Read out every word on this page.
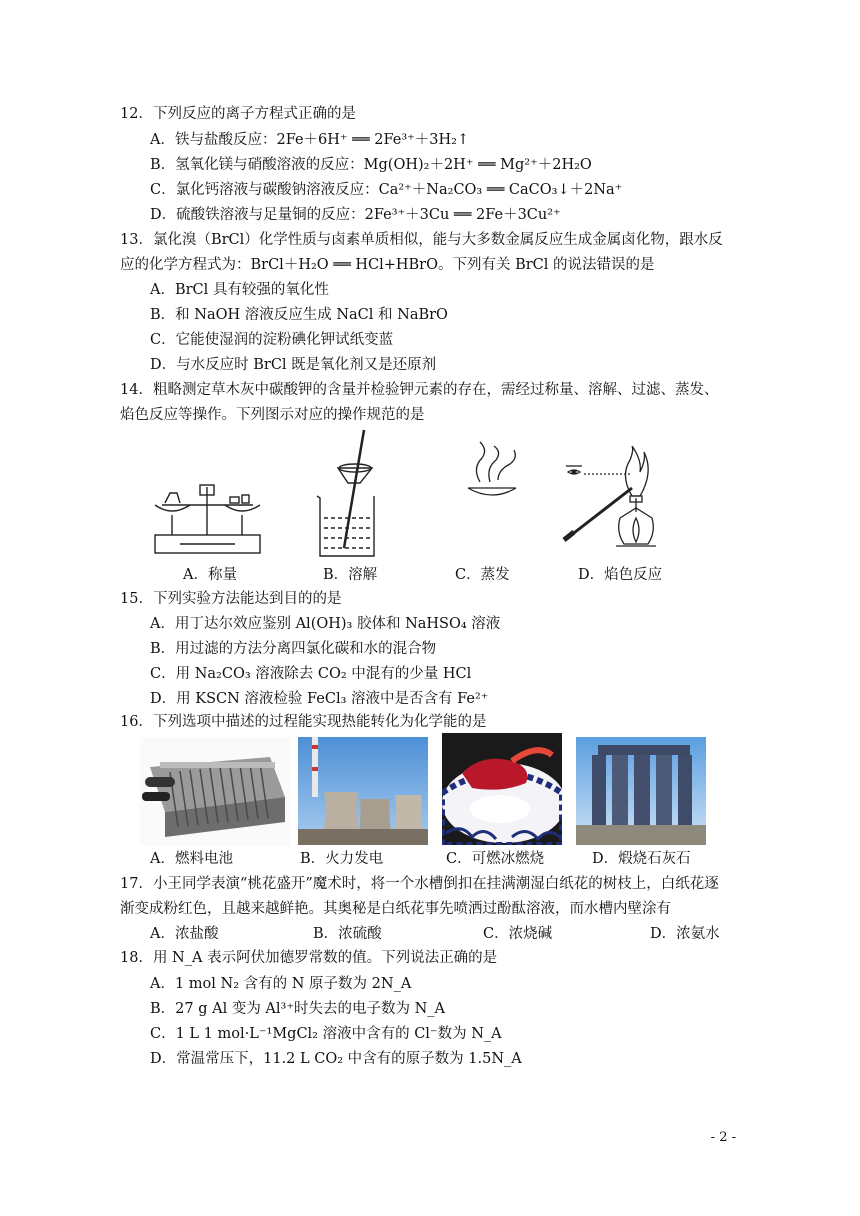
12．下列反应的离子方程式正确的是
A．铁与盐酸反应：2Fe＋6H⁺ ══ 2Fe³⁺＋3H₂↑
B．氢氧化镁与硝酸溶液的反应：Mg(OH)₂＋2H⁺ ══ Mg²⁺＋2H₂O
C．氯化钙溶液与碳酸钠溶液反应：Ca²⁺＋Na₂CO₃ ══ CaCO₃↓＋2Na⁺
D．硫酸铁溶液与足量铜的反应：2Fe³⁺＋3Cu ══ 2Fe＋3Cu²⁺
13．氯化溴（BrCl）化学性质与卤素单质相似，能与大多数金属反应生成金属卤化物，跟水反
应的化学方程式为：BrCl＋H₂O ══ HCl+HBrO。下列有关 BrCl 的说法错误的是
A．BrCl 具有较强的氧化性
B．和 NaOH 溶液反应生成 NaCl 和 NaBrO
C．它能使湿润的淀粉碘化钾试纸变蓝
D．与水反应时 BrCl 既是氧化剂又是还原剂
14．粗略测定草木灰中碳酸钾的含量并检验钾元素的存在，需经过称量、溶解、过滤、蒸发、
焰色反应等操作。下列图示对应的操作规范的是
A．称量	B．溶解	C．蒸发	D．焰色反应
15．下列实验方法能达到目的的是
A．用丁达尔效应鉴别 Al(OH)₃ 胶体和 NaHSO₄ 溶液
B．用过滤的方法分离四氯化碳和水的混合物
C．用 Na₂CO₃ 溶液除去 CO₂ 中混有的少量 HCl
D．用 KSCN 溶液检验 FeCl₃ 溶液中是否含有 Fe²⁺
16．下列选项中描述的过程能实现热能转化为化学能的是
A．燃料电池	B．火力发电	C．可燃冰燃烧	D．煅烧石灰石
17．小王同学表演“桃花盛开”魔术时，将一个水槽倒扣在挂满潮湿白纸花的树枝上，白纸花逐
渐变成粉红色，且越来越鲜艳。其奥秘是白纸花事先喷洒过酚酞溶液，而水槽内壁涂有
A．浓盐酸	B．浓硫酸	C．浓烧碱	D．浓氨水
18．用 N_A 表示阿伏加德罗常数的值。下列说法正确的是
A．1 mol N₂ 含有的 N 原子数为 2N_A
B．27 g Al 变为 Al³⁺时失去的电子数为 N_A
C．1 L 1 mol·L⁻¹MgCl₂ 溶液中含有的 Cl⁻数为 N_A
D．常温常压下，11.2 L CO₂ 中含有的原子数为 1.5N_A
- 2 -
